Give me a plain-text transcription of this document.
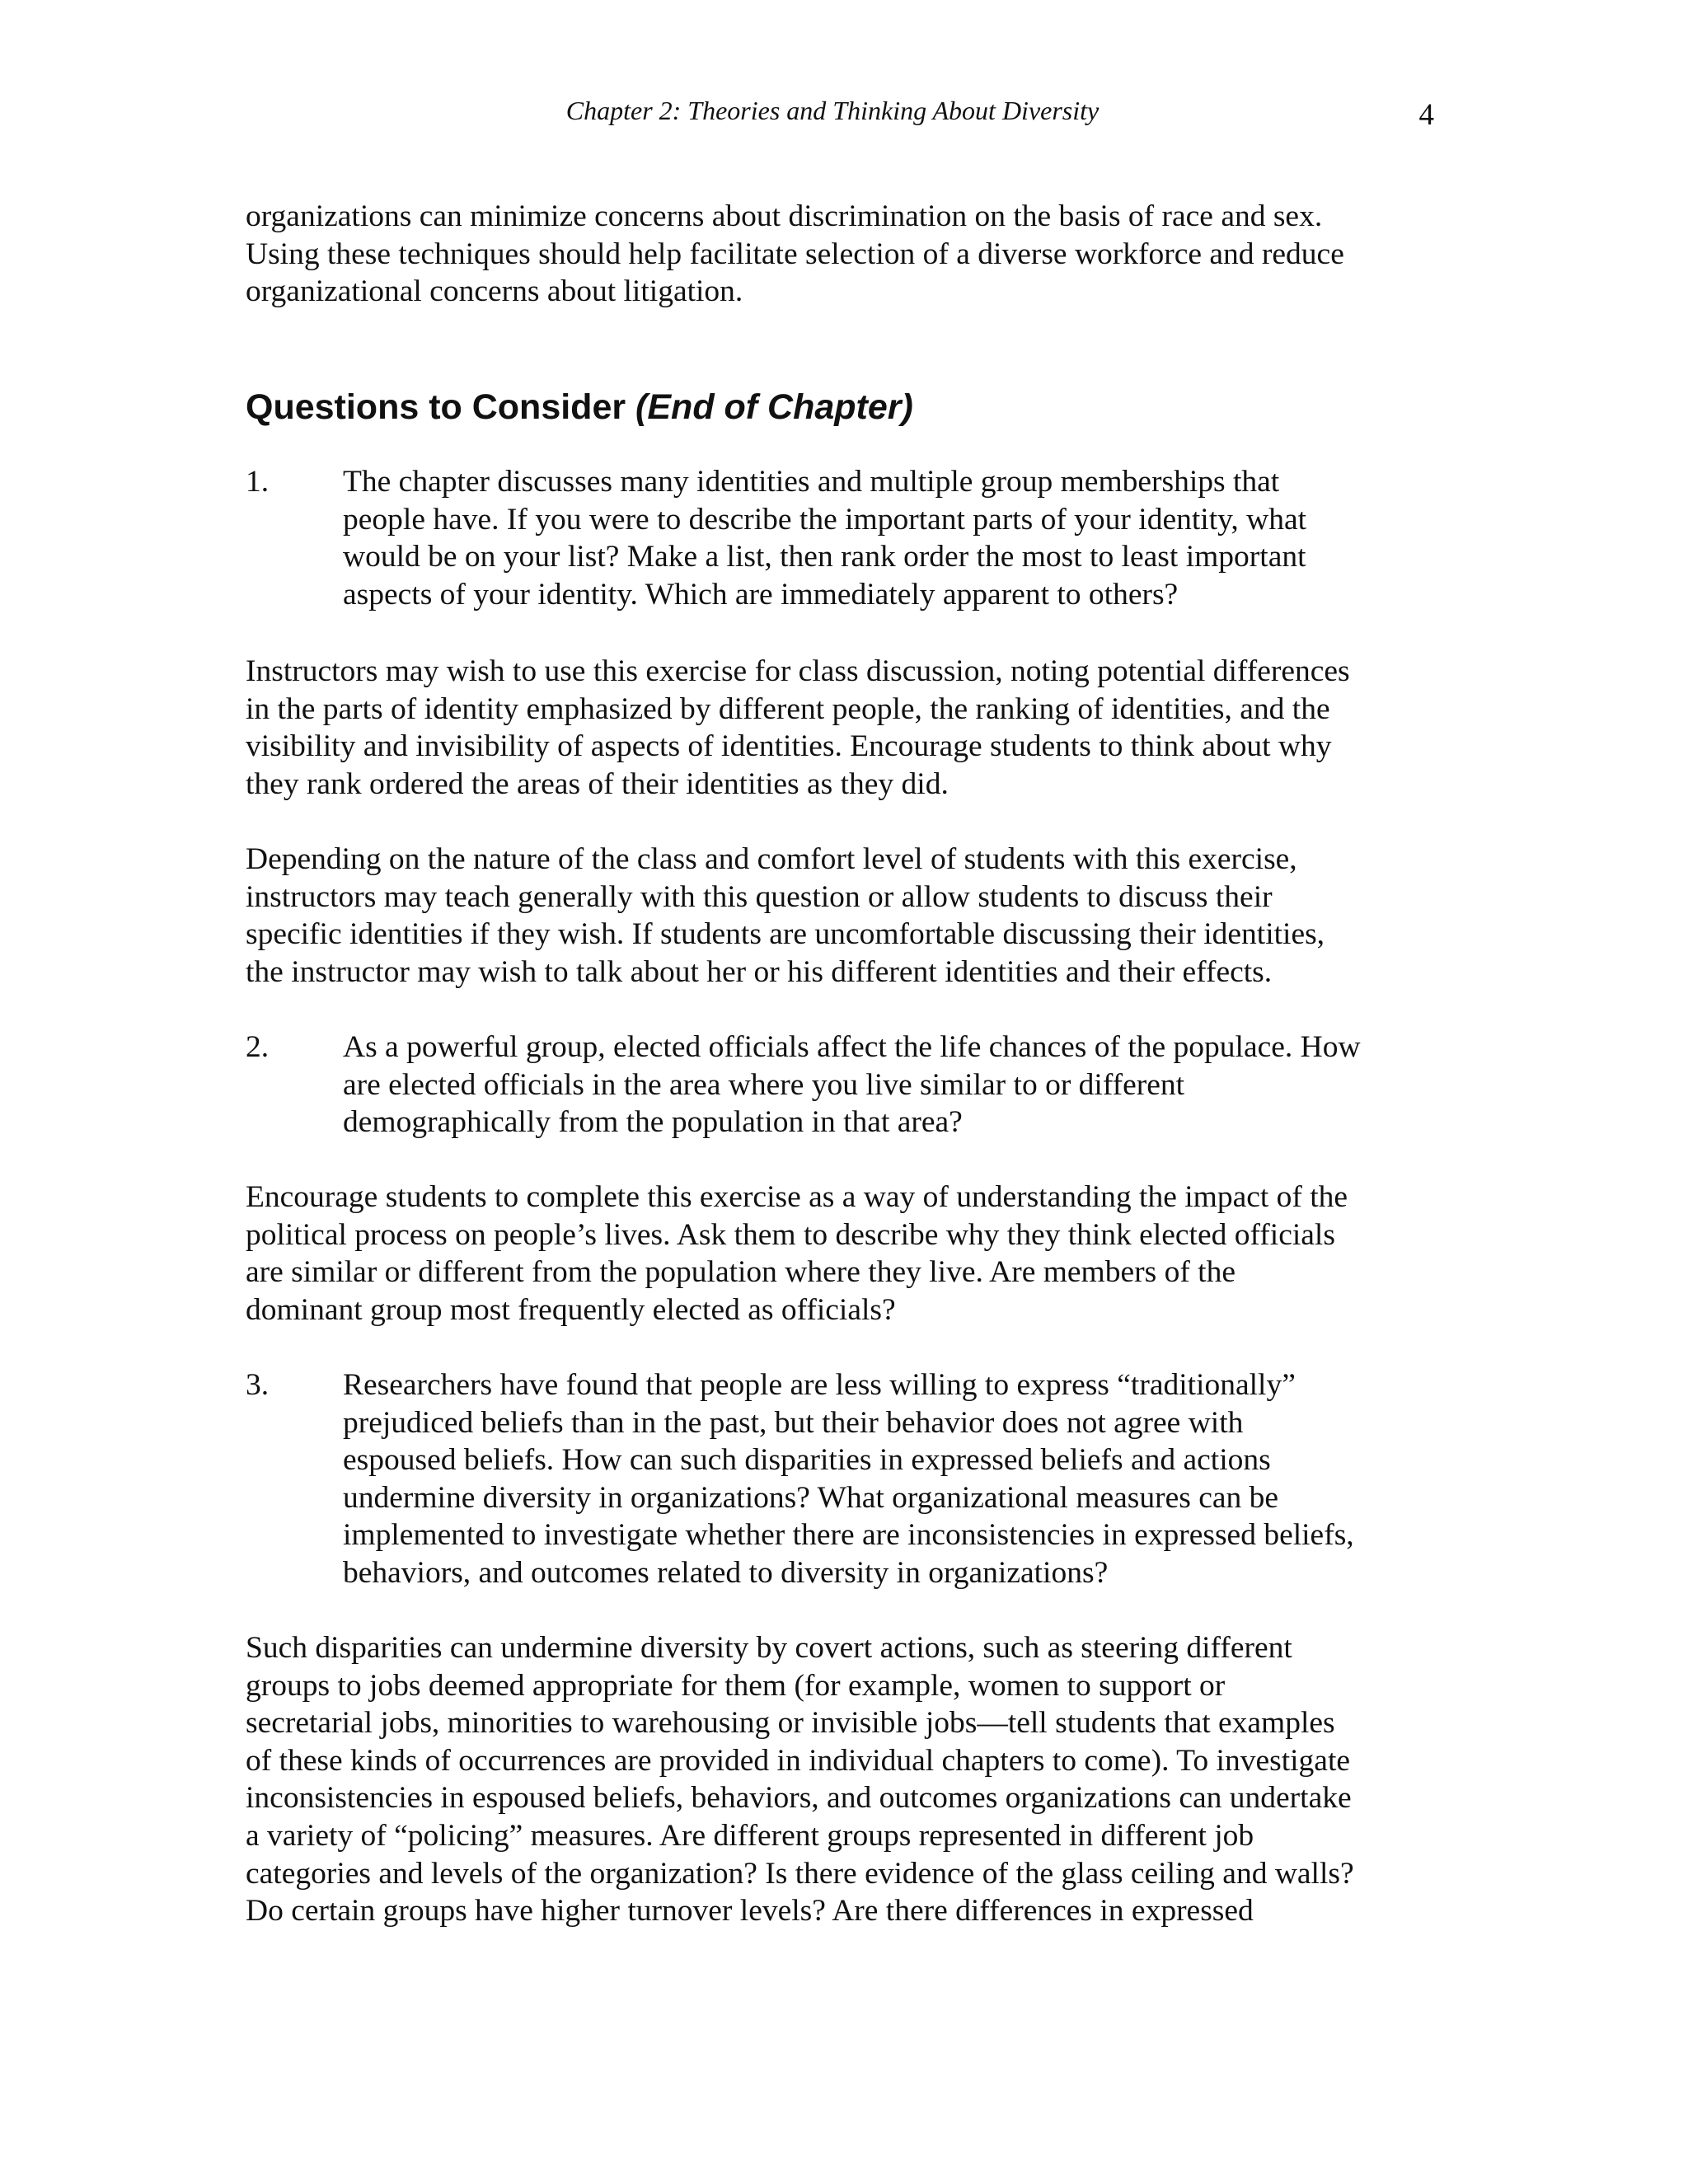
Chapter 2: Theories and Thinking About Diversity	4
organizations can minimize concerns about discrimination on the basis of race and sex.
Using these techniques should help facilitate selection of a diverse workforce and reduce
organizational concerns about litigation.
Questions to Consider (End of Chapter)
1. The chapter discusses many identities and multiple group memberships that
people have. If you were to describe the important parts of your identity, what
would be on your list? Make a list, then rank order the most to least important
aspects of your identity. Which are immediately apparent to others?
Instructors may wish to use this exercise for class discussion, noting potential differences
in the parts of identity emphasized by different people, the ranking of identities, and the
visibility and invisibility of aspects of identities. Encourage students to think about why
they rank ordered the areas of their identities as they did.
Depending on the nature of the class and comfort level of students with this exercise,
instructors may teach generally with this question or allow students to discuss their
specific identities if they wish. If students are uncomfortable discussing their identities,
the instructor may wish to talk about her or his different identities and their effects.
2. As a powerful group, elected officials affect the life chances of the populace. How
are elected officials in the area where you live similar to or different
demographically from the population in that area?
Encourage students to complete this exercise as a way of understanding the impact of the
political process on people’s lives. Ask them to describe why they think elected officials
are similar or different from the population where they live. Are members of the
dominant group most frequently elected as officials?
3. Researchers have found that people are less willing to express “traditionally”
prejudiced beliefs than in the past, but their behavior does not agree with
espoused beliefs. How can such disparities in expressed beliefs and actions
undermine diversity in organizations? What organizational measures can be
implemented to investigate whether there are inconsistencies in expressed beliefs,
behaviors, and outcomes related to diversity in organizations?
Such disparities can undermine diversity by covert actions, such as steering different
groups to jobs deemed appropriate for them (for example, women to support or
secretarial jobs, minorities to warehousing or invisible jobs—tell students that examples
of these kinds of occurrences are provided in individual chapters to come). To investigate
inconsistencies in espoused beliefs, behaviors, and outcomes organizations can undertake
a variety of “policing” measures. Are different groups represented in different job
categories and levels of the organization? Is there evidence of the glass ceiling and walls?
Do certain groups have higher turnover levels? Are there differences in expressed
